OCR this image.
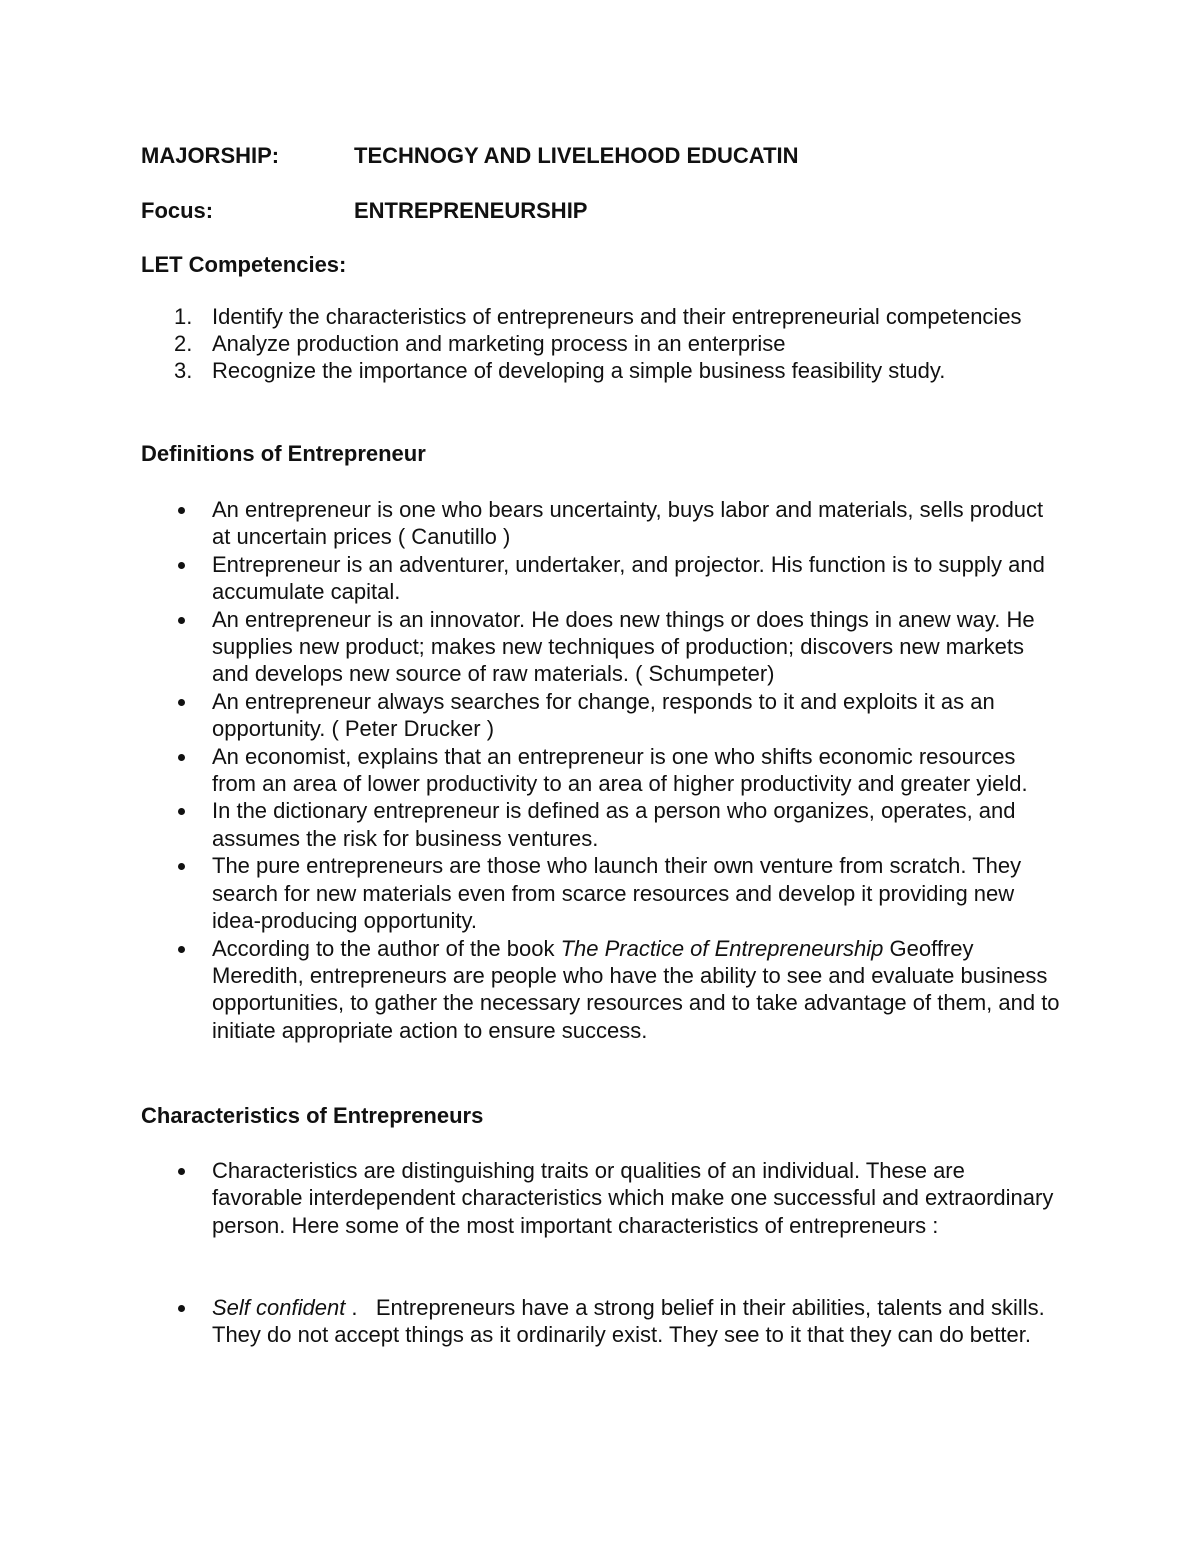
MAJORSHIP:	TECHNOGY AND LIVELEHOOD EDUCATIN
Focus:	ENTREPRENEURSHIP
LET Competencies:
1. Identify the characteristics of entrepreneurs and their entrepreneurial competencies
2. Analyze production and marketing process in an enterprise
3. Recognize the importance of developing a simple business feasibility study.
Definitions of Entrepreneur
An entrepreneur is one who bears uncertainty, buys labor and materials, sells product at uncertain prices ( Canutillo )
Entrepreneur is an adventurer, undertaker, and projector. His function is to supply and accumulate capital.
An entrepreneur is an innovator. He does new things or does things in anew way. He supplies new product; makes new techniques of production; discovers new markets and develops new source of raw materials. ( Schumpeter)
An entrepreneur always searches for change, responds to it and exploits it as an opportunity. ( Peter Drucker )
An economist, explains that an entrepreneur is one who shifts economic resources from an area of lower productivity to an area of higher productivity and greater yield.
In the dictionary entrepreneur is defined as a person who organizes, operates, and assumes the risk for business ventures.
The pure entrepreneurs are those who launch their own venture from scratch. They search for new materials even from scarce resources and develop it providing new idea-producing opportunity.
According to the author of the book The Practice of Entrepreneurship Geoffrey Meredith, entrepreneurs are people who have the ability to see and evaluate business opportunities, to gather the necessary resources and to take advantage of them, and to initiate appropriate action to ensure success.
Characteristics of Entrepreneurs
Characteristics are distinguishing traits or qualities of an individual. These are favorable interdependent characteristics which make one successful and extraordinary person. Here some of the most important characteristics of entrepreneurs :
Self confident .   Entrepreneurs have a strong belief in their abilities, talents and skills. They do not accept things as it ordinarily exist. They see to it that they can do better.
